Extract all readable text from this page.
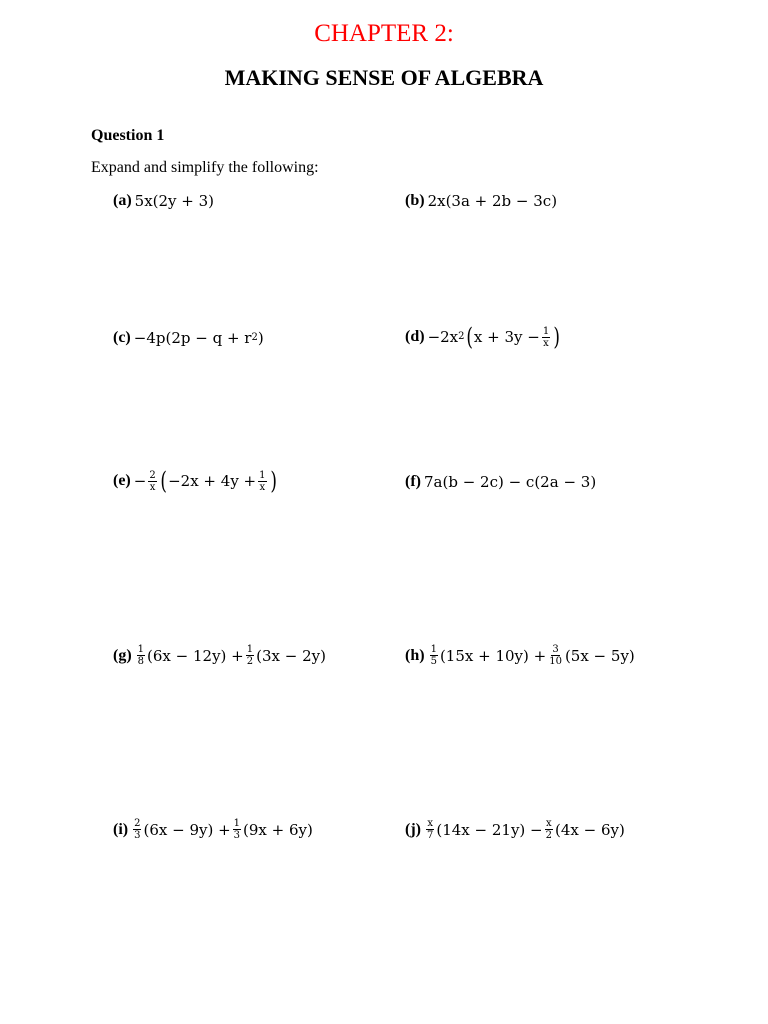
CHAPTER 2:
MAKING SENSE OF ALGEBRA
Question 1
Expand and simplify the following:
(a) 5x(2y + 3)	(b) 2x(3a + 2b − 3c)
(c) −4p(2p − q + r 2 )	(d) −2x 2 ( $x + 3y - \frac{1}{x}$ )
$(e) - \frac{2}{x}$ ( $-2x + 4y + \frac{1}{x}$ )	(f) 7a(b − 2c) − c(2a − 3)
$(g) \frac{1}{8} (6x - 12y) + \frac{1}{2} (3x - 2y)$	$(h) \frac{1}{5} (15x + 10y) + \frac{3}{10} (5x - 5y)$
$(i) \frac{2}{3} (6x - 9y) + \frac{1}{3} (9x + 6y)$	$(j) \frac{x}{7} (14x - 21y) - \frac{x}{2} (4x - 6y)$
